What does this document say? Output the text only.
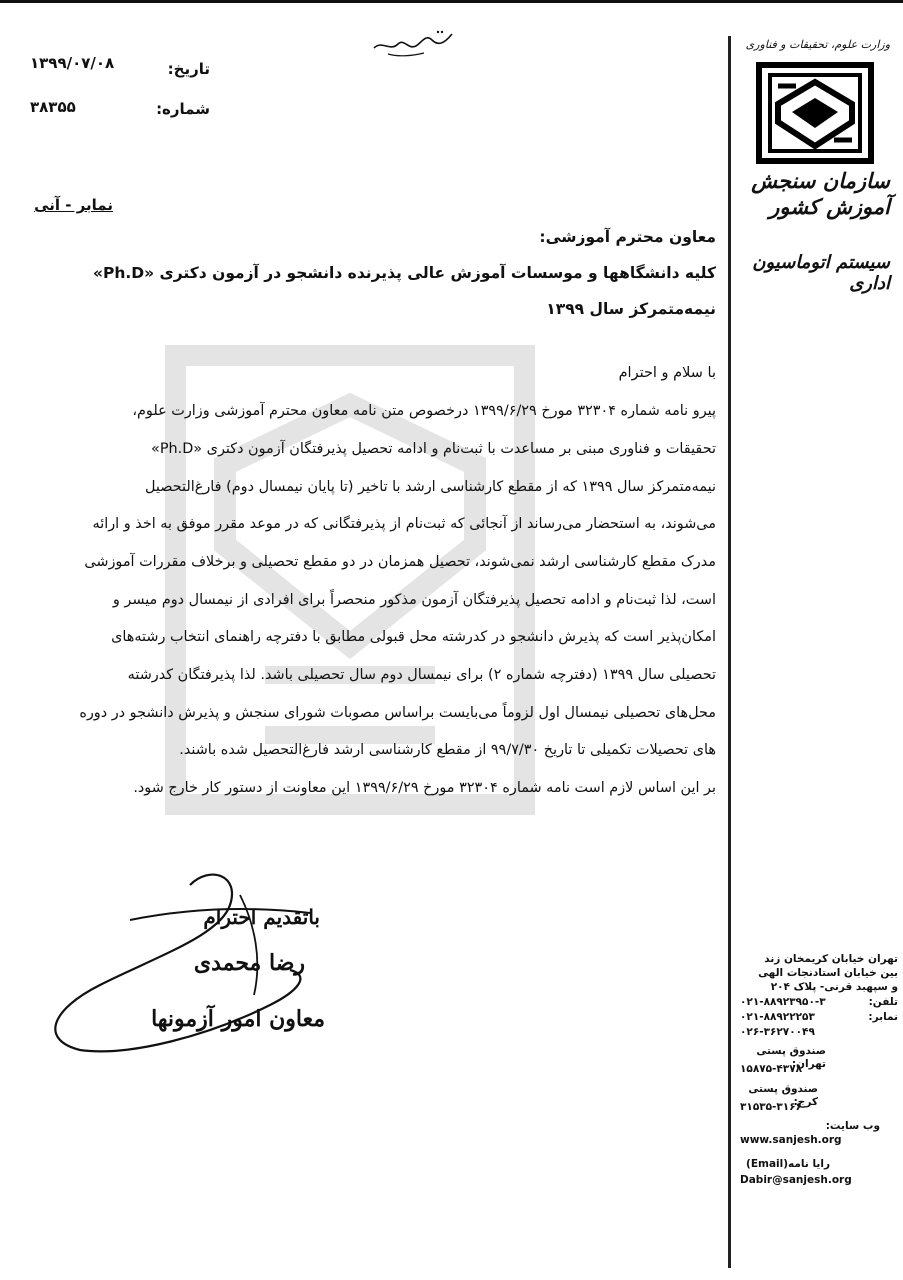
تاریخ:
۱۳۹۹/۰۷/۰۸
شماره:
۳۸۳۵۵
نمابر - آنی
وزارت علوم، تحقیقات و فناوری
سازمان سنجش آموزش کشور
سیستم اتوماسیون اداری
تهران خیابان کریمخان زند
بین خیابان استادنجات الهی
و سپهبد قرنی- پلاک ۲۰۴
تلفن:
۰۲۱-۸۸۹۲۳۹۵۰-۳
نمابر:
۰۲۱-۸۸۹۲۲۲۵۳
۰۲۶-۳۶۲۷۰۰۴۹
صندوق پستی تهران:
۱۵۸۷۵-۴۳۷۸
صندوق پستی کرج:
۳۱۵۳۵-۳۱۶۶
وب سایت:
www.sanjesh.org
رایا نامه(Email)
Dabir@sanjesh.org
معاون محترم آموزشی:
کلیه دانشگاهها و موسسات آموزش عالی پذیرنده دانشجو در آزمون دکتری «Ph.D»
نیمه‌متمرکز سال ۱۳۹۹
با سلام و احترام
پیرو نامه شماره ۳۲۳۰۴ مورخ ۱۳۹۹/۶/۲۹ درخصوص متن نامه معاون محترم آموزشی وزارت علوم،
تحقیقات و فناوری مبنی بر مساعدت با ثبت‌نام و ادامه تحصیل پذیرفتگان آزمون دکتری «Ph.D»
نیمه‌متمرکز سال ۱۳۹۹ که از مقطع کارشناسی ارشد با تاخیر (تا پایان نیمسال دوم) فارغ‌التحصیل
می‌شوند، به استحضار می‌رساند از آنجائی که ثبت‌نام از پذیرفتگانی که در موعد مقرر موفق به اخذ و ارائه
مدرک مقطع کارشناسی ارشد نمی‌شوند، تحصیل همزمان در دو مقطع تحصیلی و برخلاف مقررات آموزشی
است، لذا ثبت‌نام و ادامه تحصیل پذیرفتگان آزمون مذکور منحصراً برای افرادی از نیمسال دوم میسر و
امکان‌پذیر است که پذیرش دانشجو در کدرشته محل قبولی مطابق با دفترچه راهنمای انتخاب رشته‌های
تحصیلی سال ۱۳۹۹ (دفترچه شماره ۲) برای نیمسال دوم سال تحصیلی باشد. لذا پذیرفتگان کدرشته
محل‌های تحصیلی نیمسال اول لزوماً می‌بایست براساس مصوبات شورای سنجش و پذیرش دانشجو در دوره
های تحصیلات تکمیلی تا تاریخ ۹۹/۷/۳۰ از مقطع کارشناسی ارشد فارغ‌التحصیل شده باشند.
بر این اساس لازم است نامه شماره ۳۲۳۰۴ مورخ ۱۳۹۹/۶/۲۹ این معاونت از دستور کار خارج شود.
باتقدیم احترام
رضا محمدی
معاون امور آزمونها
